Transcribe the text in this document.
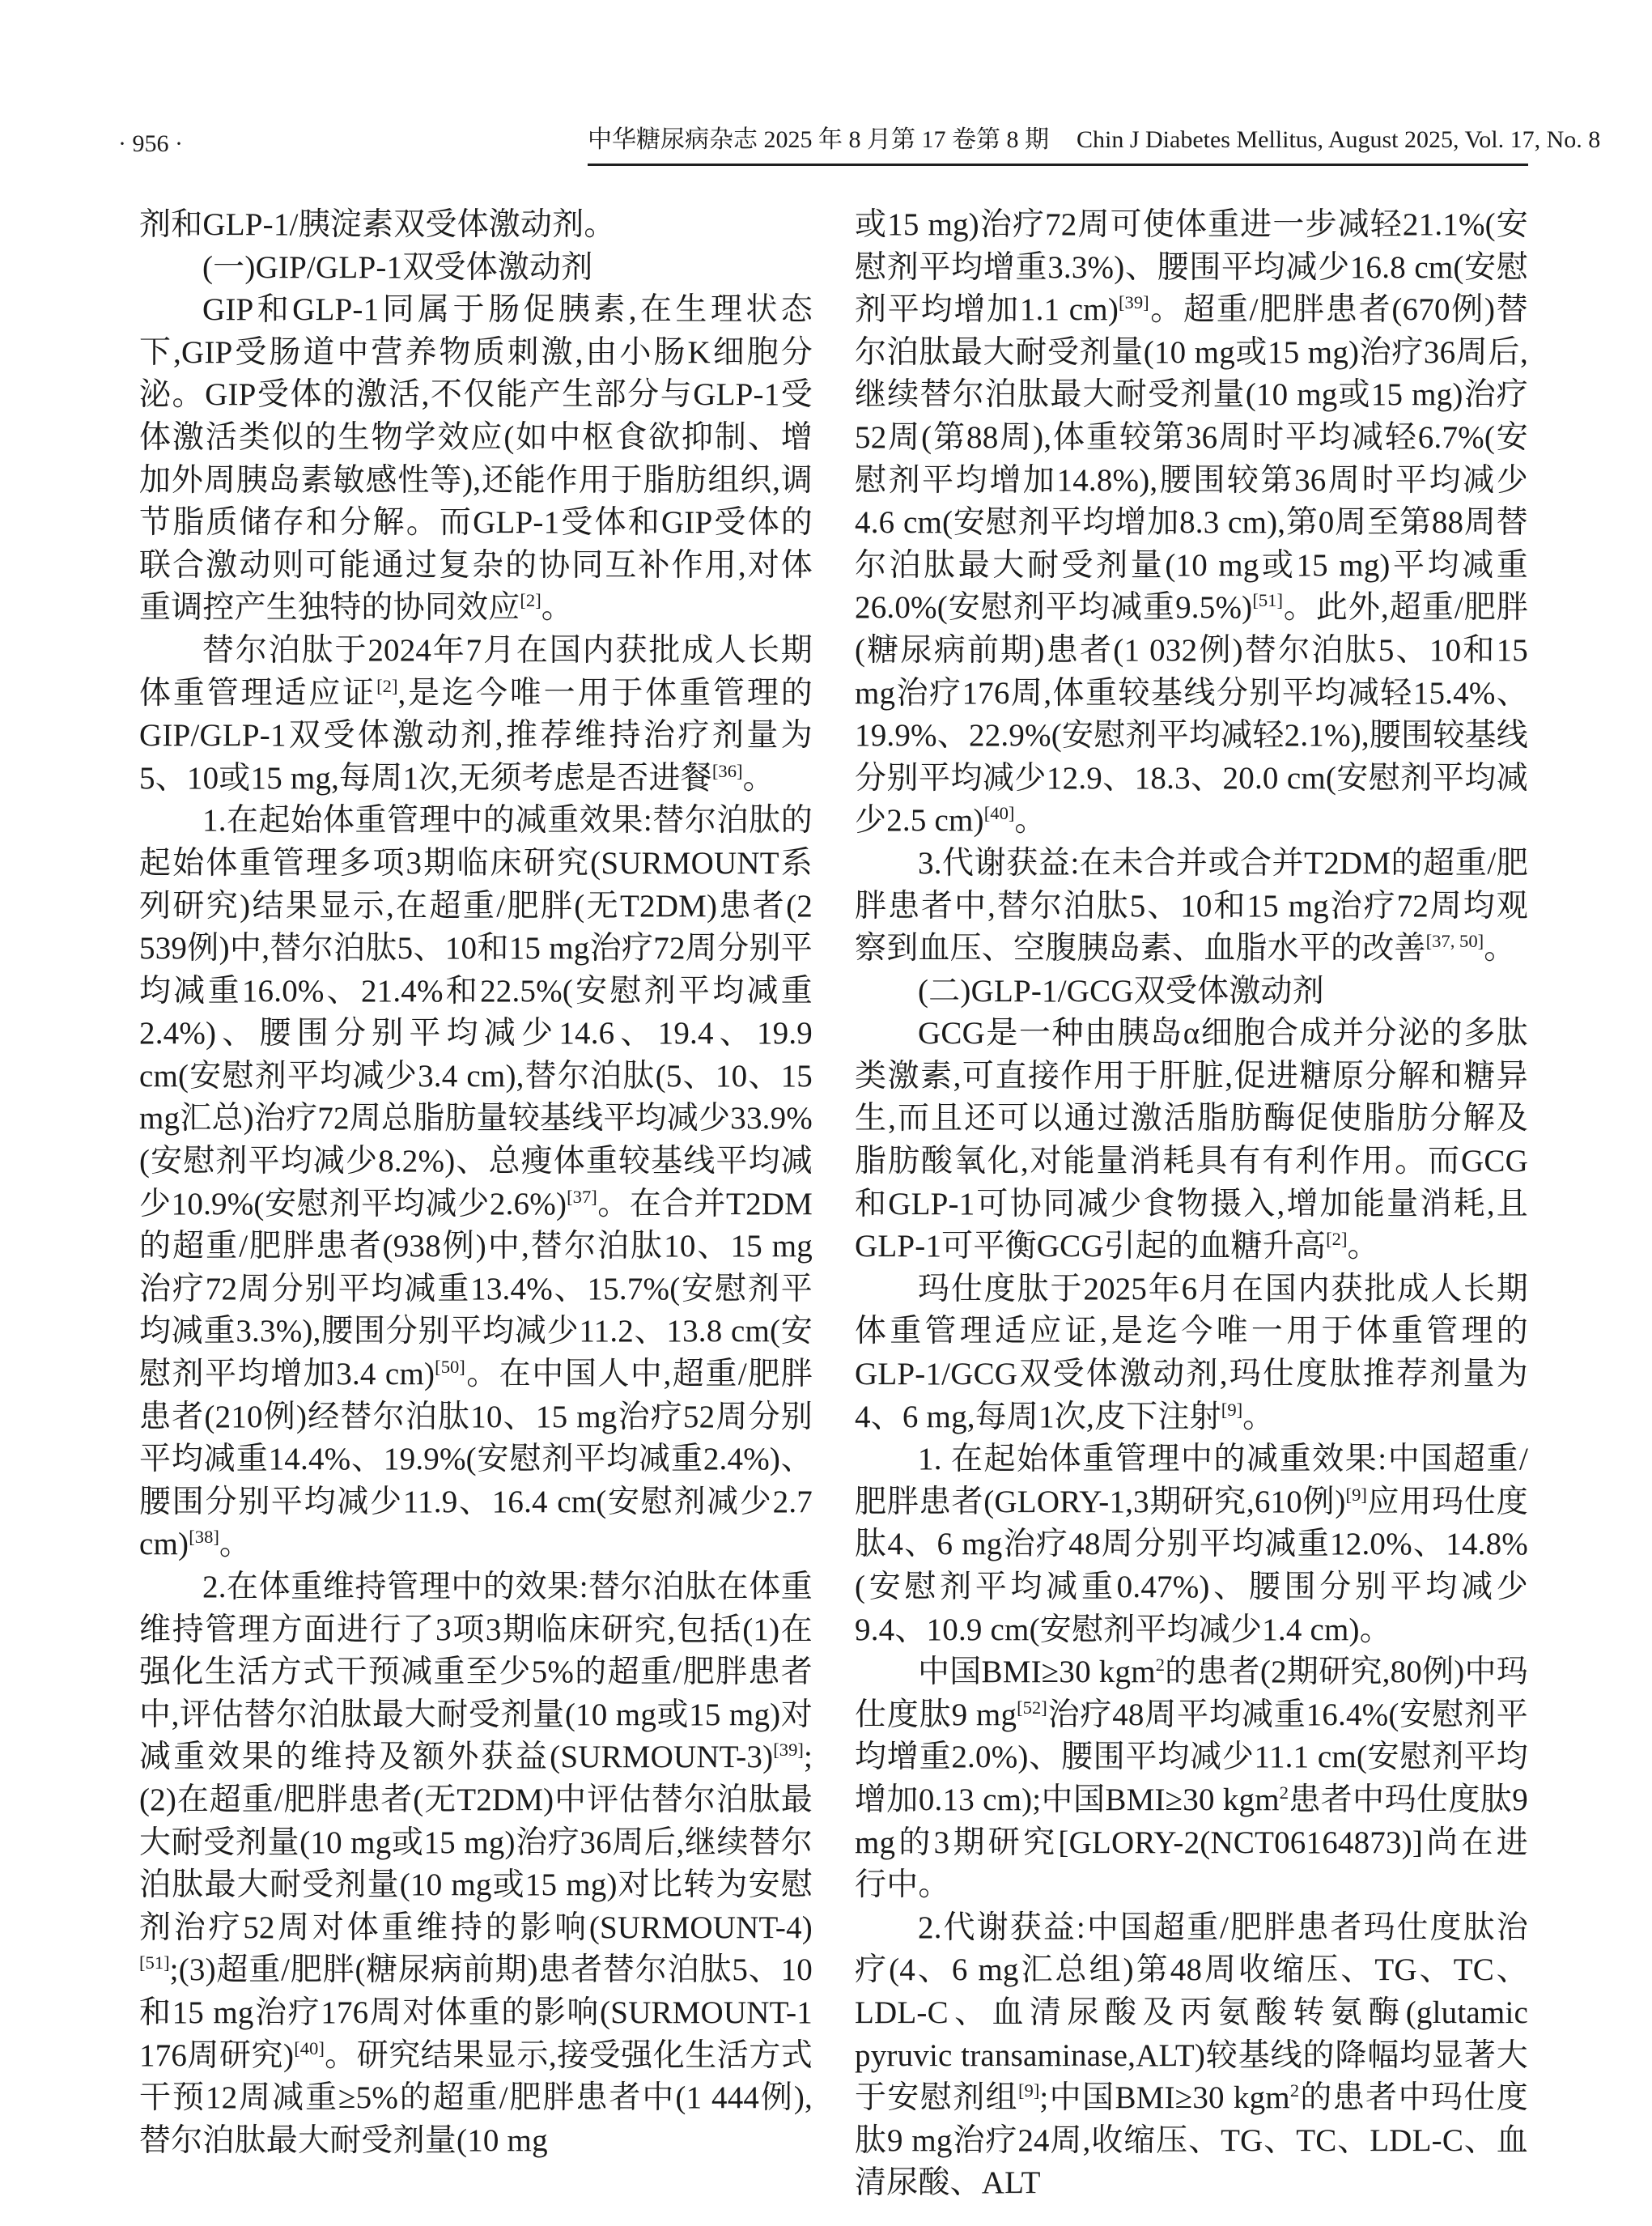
· 956 ·	中华糖尿病杂志 2025 年 8 月第 17 卷第 8 期 Chin J Diabetes Mellitus, August 2025, Vol. 17, No. 8

剂和GLP-1/胰淀素双受体激动剂。

(一)GIP/GLP-1双受体激动剂

GIP和GLP-1同属于肠促胰素,在生理状态下,GIP受肠道中营养物质刺激,由小肠K细胞分泌。GIP受体的激活,不仅能产生部分与GLP-1受体激活类似的生物学效应(如中枢食欲抑制、增加外周胰岛素敏感性等),还能作用于脂肪组织,调节脂质储存和分解。而GLP-1受体和GIP受体的联合激动则可能通过复杂的协同互补作用,对体重调控产生独特的协同效应[2]。

替尔泊肽于2024年7月在国内获批成人长期体重管理适应证[2],是迄今唯一用于体重管理的GIP/GLP-1双受体激动剂,推荐维持治疗剂量为5、10或15 mg,每周1次,无须考虑是否进餐[36]。

1.在起始体重管理中的减重效果:替尔泊肽的起始体重管理多项3期临床研究(SURMOUNT系列研究)结果显示,在超重/肥胖(无T2DM)患者(2 539例)中,替尔泊肽5、10和15 mg治疗72周分别平均减重16.0%、21.4%和22.5%(安慰剂平均减重2.4%)、腰围分别平均减少14.6、19.4、19.9 cm(安慰剂平均减少3.4 cm),替尔泊肽(5、10、15 mg汇总)治疗72周总脂肪量较基线平均减少33.9%(安慰剂平均减少8.2%)、总瘦体重较基线平均减少10.9%(安慰剂平均减少2.6%)[37]。在合并T2DM的超重/肥胖患者(938例)中,替尔泊肽10、15 mg治疗72周分别平均减重13.4%、15.7%(安慰剂平均减重3.3%),腰围分别平均减少11.2、13.8 cm(安慰剂平均增加3.4 cm)[50]。在中国人中,超重/肥胖患者(210例)经替尔泊肽10、15 mg治疗52周分别平均减重14.4%、19.9%(安慰剂平均减重2.4%)、腰围分别平均减少11.9、16.4 cm(安慰剂减少2.7 cm)[38]。

2.在体重维持管理中的效果:替尔泊肽在体重维持管理方面进行了3项3期临床研究,包括(1)在强化生活方式干预减重至少5%的超重/肥胖患者中,评估替尔泊肽最大耐受剂量(10 mg或15 mg)对减重效果的维持及额外获益(SURMOUNT-3)[39];(2)在超重/肥胖患者(无T2DM)中评估替尔泊肽最大耐受剂量(10 mg或15 mg)治疗36周后,继续替尔泊肽最大耐受剂量(10 mg或15 mg)对比转为安慰剂治疗52周对体重维持的影响(SURMOUNT-4)[51];(3)超重/肥胖(糖尿病前期)患者替尔泊肽5、10和15 mg治疗176周对体重的影响(SURMOUNT-1 176周研究)[40]。研究结果显示,接受强化生活方式干预12周减重≥5%的超重/肥胖患者中(1 444例),替尔泊肽最大耐受剂量(10 mg

或15 mg)治疗72周可使体重进一步减轻21.1%(安慰剂平均增重3.3%)、腰围平均减少16.8 cm(安慰剂平均增加1.1 cm)[39]。超重/肥胖患者(670例)替尔泊肽最大耐受剂量(10 mg或15 mg)治疗36周后,继续替尔泊肽最大耐受剂量(10 mg或15 mg)治疗52周(第88周),体重较第36周时平均减轻6.7%(安慰剂平均增加14.8%),腰围较第36周时平均减少4.6 cm(安慰剂平均增加8.3 cm),第0周至第88周替尔泊肽最大耐受剂量(10 mg或15 mg)平均减重26.0%(安慰剂平均减重9.5%)[51]。此外,超重/肥胖(糖尿病前期)患者(1 032例)替尔泊肽5、10和15 mg治疗176周,体重较基线分别平均减轻15.4%、19.9%、22.9%(安慰剂平均减轻2.1%),腰围较基线分别平均减少12.9、18.3、20.0 cm(安慰剂平均减少2.5 cm)[40]。

3.代谢获益:在未合并或合并T2DM的超重/肥胖患者中,替尔泊肽5、10和15 mg治疗72周均观察到血压、空腹胰岛素、血脂水平的改善[37, 50]。

(二)GLP-1/GCG双受体激动剂

GCG是一种由胰岛α细胞合成并分泌的多肽类激素,可直接作用于肝脏,促进糖原分解和糖异生,而且还可以通过激活脂肪酶促使脂肪分解及脂肪酸氧化,对能量消耗具有有利作用。而GCG和GLP-1可协同减少食物摄入,增加能量消耗,且GLP-1可平衡GCG引起的血糖升高[2]。

玛仕度肽于2025年6月在国内获批成人长期体重管理适应证,是迄今唯一用于体重管理的GLP-1/GCG双受体激动剂,玛仕度肽推荐剂量为4、6 mg,每周1次,皮下注射[9]。

1. 在起始体重管理中的减重效果:中国超重/肥胖患者(GLORY-1,3期研究,610例)[9]应用玛仕度肽4、6 mg治疗48周分别平均减重12.0%、14.8%(安慰剂平均减重0.47%)、腰围分别平均减少9.4、10.9 cm(安慰剂平均减少1.4 cm)。

中国BMI≥30 kgm$^2$的患者(2期研究,80例)中玛仕度肽9 mg[52]治疗48周平均减重16.4%(安慰剂平均增重2.0%)、腰围平均减少11.1 cm(安慰剂平均增加0.13 cm);中国BMI≥30 kgm$^2$患者中玛仕度肽9 mg的3期研究[GLORY-2(NCT06164873)]尚在进行中。

2.代谢获益:中国超重/肥胖患者玛仕度肽治疗(4、6 mg汇总组)第48周收缩压、TG、TC、LDL-C、血清尿酸及丙氨酸转氨酶(glutamic pyruvic transaminase,ALT)较基线的降幅均显著大于安慰剂组[9];中国BMI≥30 kgm$^2$的患者中玛仕度肽9 mg治疗24周,收缩压、TG、TC、LDL-C、血清尿酸、ALT
